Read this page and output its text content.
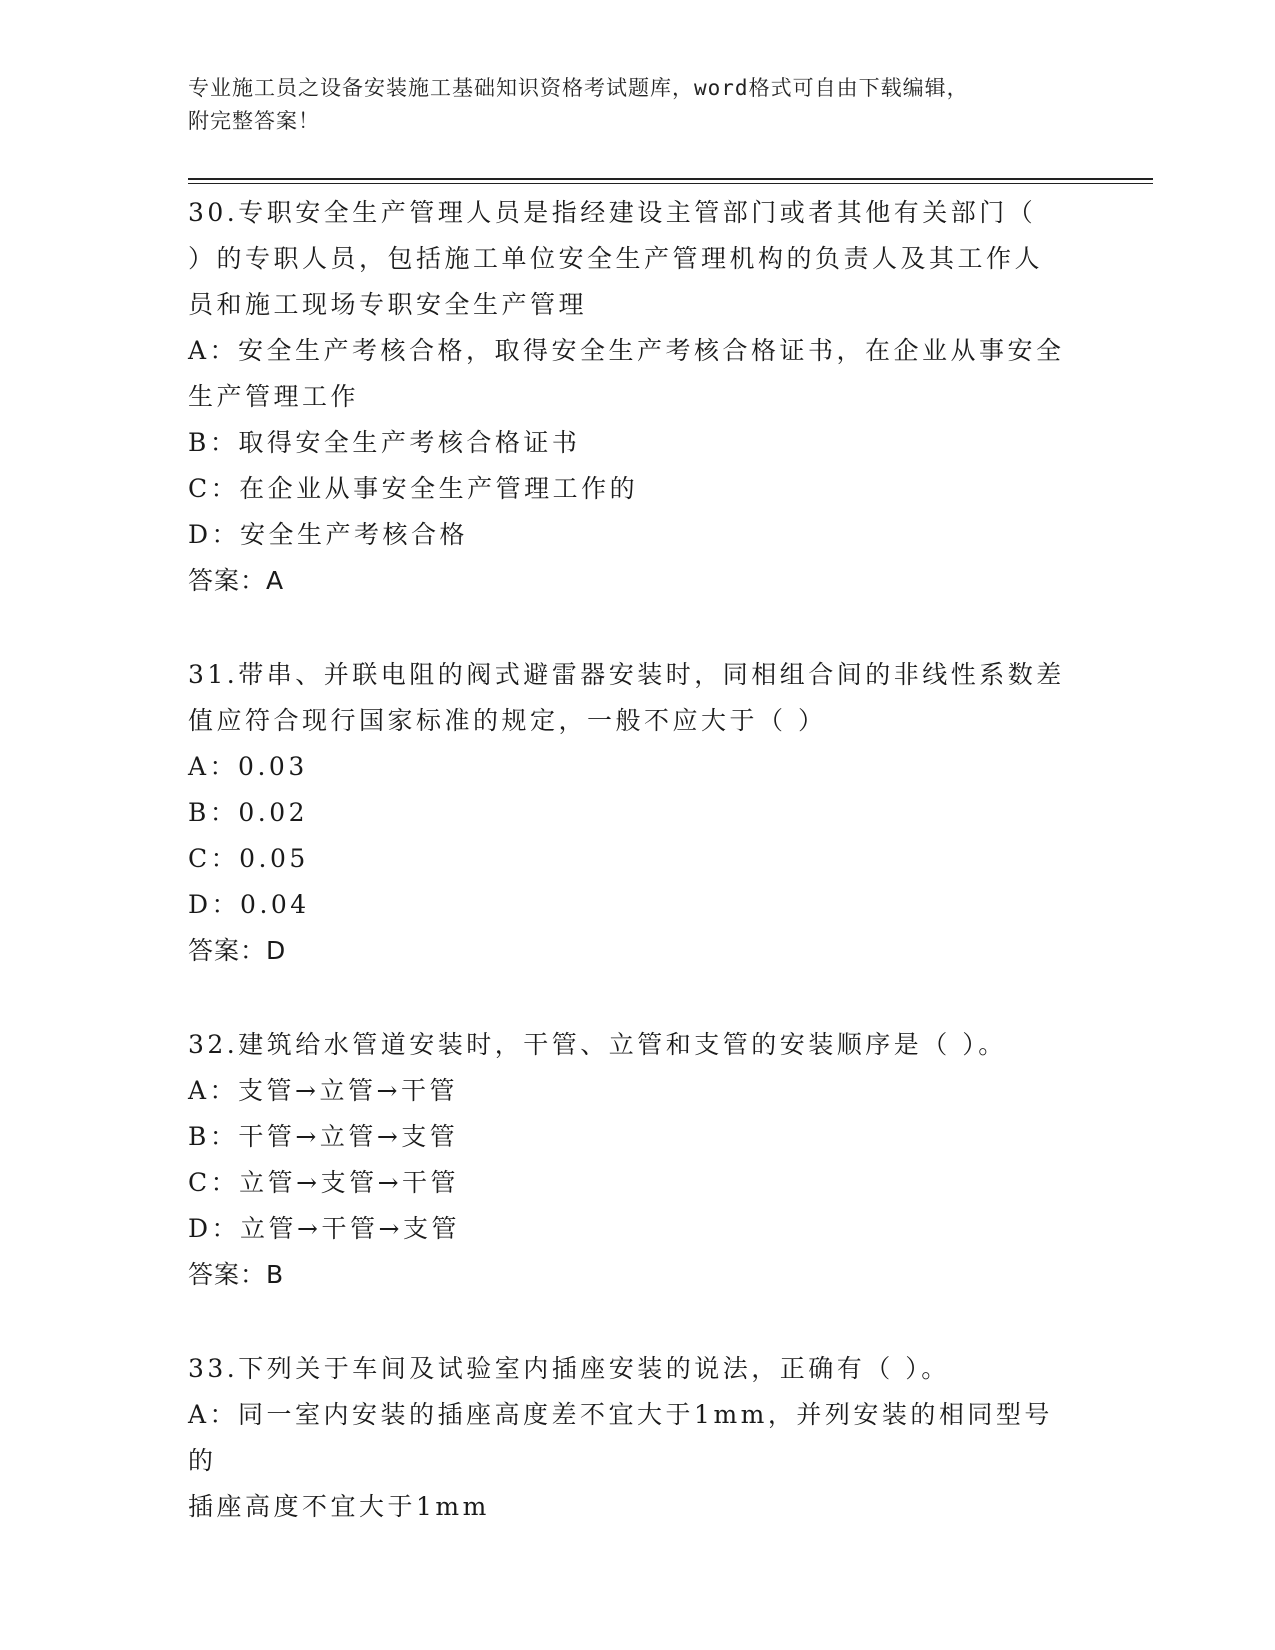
专业施工员之设备安装施工基础知识资格考试题库，word格式可自由下载编辑，
附完整答案！
30.专职安全生产管理人员是指经建设主管部门或者其他有关部门（
）的专职人员，包括施工单位安全生产管理机构的负责人及其工作人
员和施工现场专职安全生产管理
A：安全生产考核合格，取得安全生产考核合格证书，在企业从事安全
生产管理工作
B：取得安全生产考核合格证书
C：在企业从事安全生产管理工作的
D：安全生产考核合格
答案：A
31.带串、并联电阻的阀式避雷器安装时，同相组合间的非线性系数差
值应符合现行国家标准的规定，一般不应大于（ ）
A：0.03
B：0.02
C：0.05
D：0.04
答案：D
32.建筑给水管道安装时，干管、立管和支管的安装顺序是（ ）。
A：支管→立管→干管
B：干管→立管→支管
C：立管→支管→干管
D：立管→干管→支管
答案：B
33.下列关于车间及试验室内插座安装的说法，正确有（ ）。
A：同一室内安装的插座高度差不宜大于1mm，并列安装的相同型号的
插座高度不宜大于1mm
